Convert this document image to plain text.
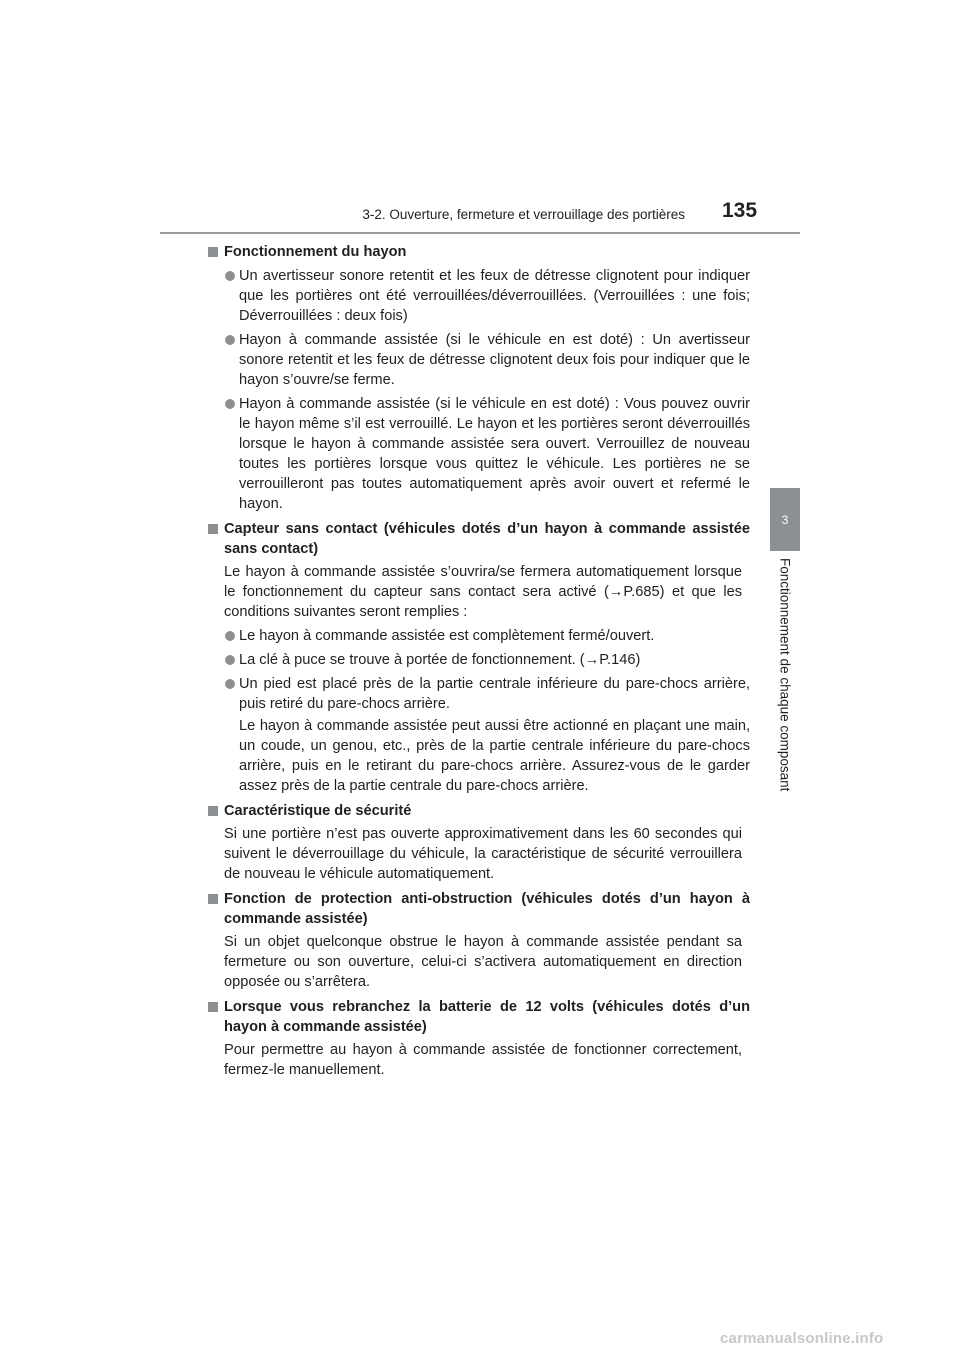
3-2. Ouverture, fermeture et verrouillage des portières 135
3
Fonctionnement de chaque composant
Fonctionnement du hayon
Un avertisseur sonore retentit et les feux de détresse clignotent pour indiquer que les portières ont été verrouillées/déverrouillées. (Verrouillées : une fois; Déverrouillées : deux fois)
Hayon à commande assistée (si le véhicule en est doté) : Un avertisseur sonore retentit et les feux de détresse clignotent deux fois pour indiquer que le hayon s’ouvre/se ferme.
Hayon à commande assistée (si le véhicule en est doté) : Vous pouvez ouvrir le hayon même s’il est verrouillé. Le hayon et les portières seront déverrouillés lorsque le hayon à commande assistée sera ouvert. Verrouillez de nouveau toutes les portières lorsque vous quittez le véhicule. Les portières ne se verrouilleront pas toutes automatiquement après avoir ouvert et refermé le hayon.
Capteur sans contact (véhicules dotés d’un hayon à commande assistée sans contact)
Le hayon à commande assistée s’ouvrira/se fermera automatiquement lorsque le fonctionnement du capteur sans contact sera activé (→P.685) et que les conditions suivantes seront remplies :
Le hayon à commande assistée est complètement fermé/ouvert.
La clé à puce se trouve à portée de fonctionnement. (→P.146)
Un pied est placé près de la partie centrale inférieure du pare-chocs arrière, puis retiré du pare-chocs arrière.
Le hayon à commande assistée peut aussi être actionné en plaçant une main, un coude, un genou, etc., près de la partie centrale inférieure du pare-chocs arrière, puis en le retirant du pare-chocs arrière. Assurez-vous de le garder assez près de la partie centrale du pare-chocs arrière.
Caractéristique de sécurité
Si une portière n’est pas ouverte approximativement dans les 60 secondes qui suivent le déverrouillage du véhicule, la caractéristique de sécurité verrouillera de nouveau le véhicule automatiquement.
Fonction de protection anti-obstruction (véhicules dotés d’un hayon à commande assistée)
Si un objet quelconque obstrue le hayon à commande assistée pendant sa fermeture ou son ouverture, celui-ci s’activera automatiquement en direction opposée ou s’arrêtera.
Lorsque vous rebranchez la batterie de 12 volts (véhicules dotés d’un hayon à commande assistée)
Pour permettre au hayon à commande assistée de fonctionner correctement, fermez-le manuellement.
carmanualsonline.info
